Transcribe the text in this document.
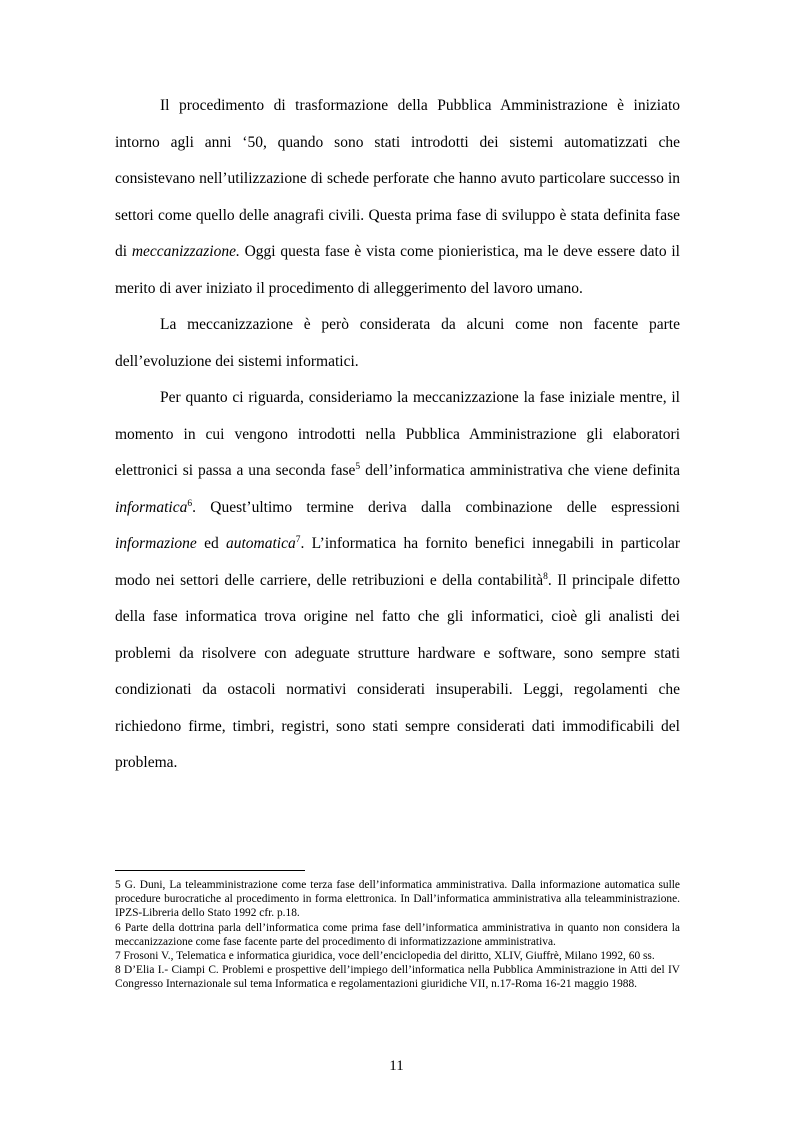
Il procedimento di trasformazione della Pubblica Amministrazione è iniziato intorno agli anni ‘50, quando sono stati introdotti dei sistemi automatizzati che consistevano nell’utilizzazione di schede perforate che hanno avuto particolare successo in settori come quello delle anagrafi civili. Questa prima fase di sviluppo è stata definita fase di meccanizzazione. Oggi questa fase è vista come pionieristica, ma le deve essere dato il merito di aver iniziato il procedimento di alleggerimento del lavoro umano.

La meccanizzazione è però considerata da alcuni come non facente parte dell’evoluzione dei sistemi informatici.

Per quanto ci riguarda, consideriamo la meccanizzazione la fase iniziale mentre, il momento in cui vengono introdotti nella Pubblica Amministrazione gli elaboratori elettronici si passa a una seconda fase$^5$ dell’informatica amministrativa che viene definita informatica$^6$. Quest’ultimo termine deriva dalla combinazione delle espressioni informazione ed automatica$^7$. L’informatica ha fornito benefici innegabili in particolar modo nei settori delle carriere, delle retribuzioni e della contabilità$^8$. Il principale difetto della fase informatica trova origine nel fatto che gli informatici, cioè gli analisti dei problemi da risolvere con adeguate strutture hardware e software, sono sempre stati condizionati da ostacoli normativi considerati insuperabili. Leggi, regolamenti che richiedono firme, timbri, registri, sono stati sempre considerati dati immodificabili del problema.

5 G. Duni, La teleamministrazione come terza fase dell’informatica amministrativa. Dalla informazione automatica sulle procedure burocratiche al procedimento in forma elettronica. In Dall’informatica amministrativa alla teleamministrazione. IPZS-Libreria dello Stato 1992 cfr. p.18.

6 Parte della dottrina parla dell’informatica come prima fase dell’informatica amministrativa in quanto non considera la meccanizzazione come fase facente parte del procedimento di informatizzazione amministrativa.

7 Frosoni V., Telematica e informatica giuridica, voce dell’enciclopedia del diritto, XLIV, Giuffrè, Milano 1992, 60 ss.

8 D’Elia I.- Ciampi C. Problemi e prospettive dell’impiego dell’informatica nella Pubblica Amministrazione in Atti del IV Congresso Internazionale sul tema Informatica e regolamentazioni giuridiche VII, n.17-Roma 16-21 maggio 1988.

11
